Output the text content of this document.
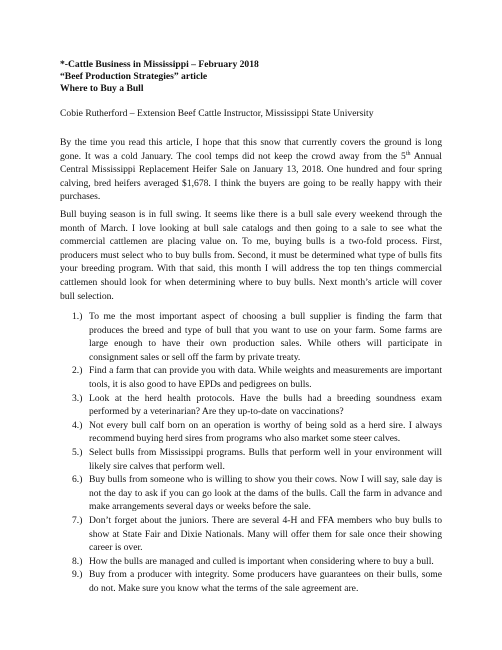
*-Cattle Business in Mississippi – February 2018
“Beef Production Strategies” article
Where to Buy a Bull
Cobie Rutherford – Extension Beef Cattle Instructor, Mississippi State University

By the time you read this article, I hope that this snow that currently covers the ground is long gone. It was a cold January. The cool temps did not keep the crowd away from the 5th Annual Central Mississippi Replacement Heifer Sale on January 13, 2018. One hundred and four spring calving, bred heifers averaged $1,678. I think the buyers are going to be really happy with their purchases.

Bull buying season is in full swing. It seems like there is a bull sale every weekend through the month of March. I love looking at bull sale catalogs and then going to a sale to see what the commercial cattlemen are placing value on. To me, buying bulls is a two-fold process. First, producers must select who to buy bulls from. Second, it must be determined what type of bulls fits your breeding program. With that said, this month I will address the top ten things commercial cattlemen should look for when determining where to buy bulls. Next month’s article will cover bull selection.

1.) To me the most important aspect of choosing a bull supplier is finding the farm that produces the breed and type of bull that you want to use on your farm. Some farms are large enough to have their own production sales. While others will participate in consignment sales or sell off the farm by private treaty.
2.) Find a farm that can provide you with data. While weights and measurements are important tools, it is also good to have EPDs and pedigrees on bulls.
3.) Look at the herd health protocols. Have the bulls had a breeding soundness exam performed by a veterinarian? Are they up-to-date on vaccinations?
4.) Not every bull calf born on an operation is worthy of being sold as a herd sire. I always recommend buying herd sires from programs who also market some steer calves.
5.) Select bulls from Mississippi programs. Bulls that perform well in your environment will likely sire calves that perform well.
6.) Buy bulls from someone who is willing to show you their cows. Now I will say, sale day is not the day to ask if you can go look at the dams of the bulls. Call the farm in advance and make arrangements several days or weeks before the sale.
7.) Don’t forget about the juniors. There are several 4-H and FFA members who buy bulls to show at State Fair and Dixie Nationals. Many will offer them for sale once their showing career is over.
8.) How the bulls are managed and culled is important when considering where to buy a bull.
9.) Buy from a producer with integrity. Some producers have guarantees on their bulls, some do not. Make sure you know what the terms of the sale agreement are.
